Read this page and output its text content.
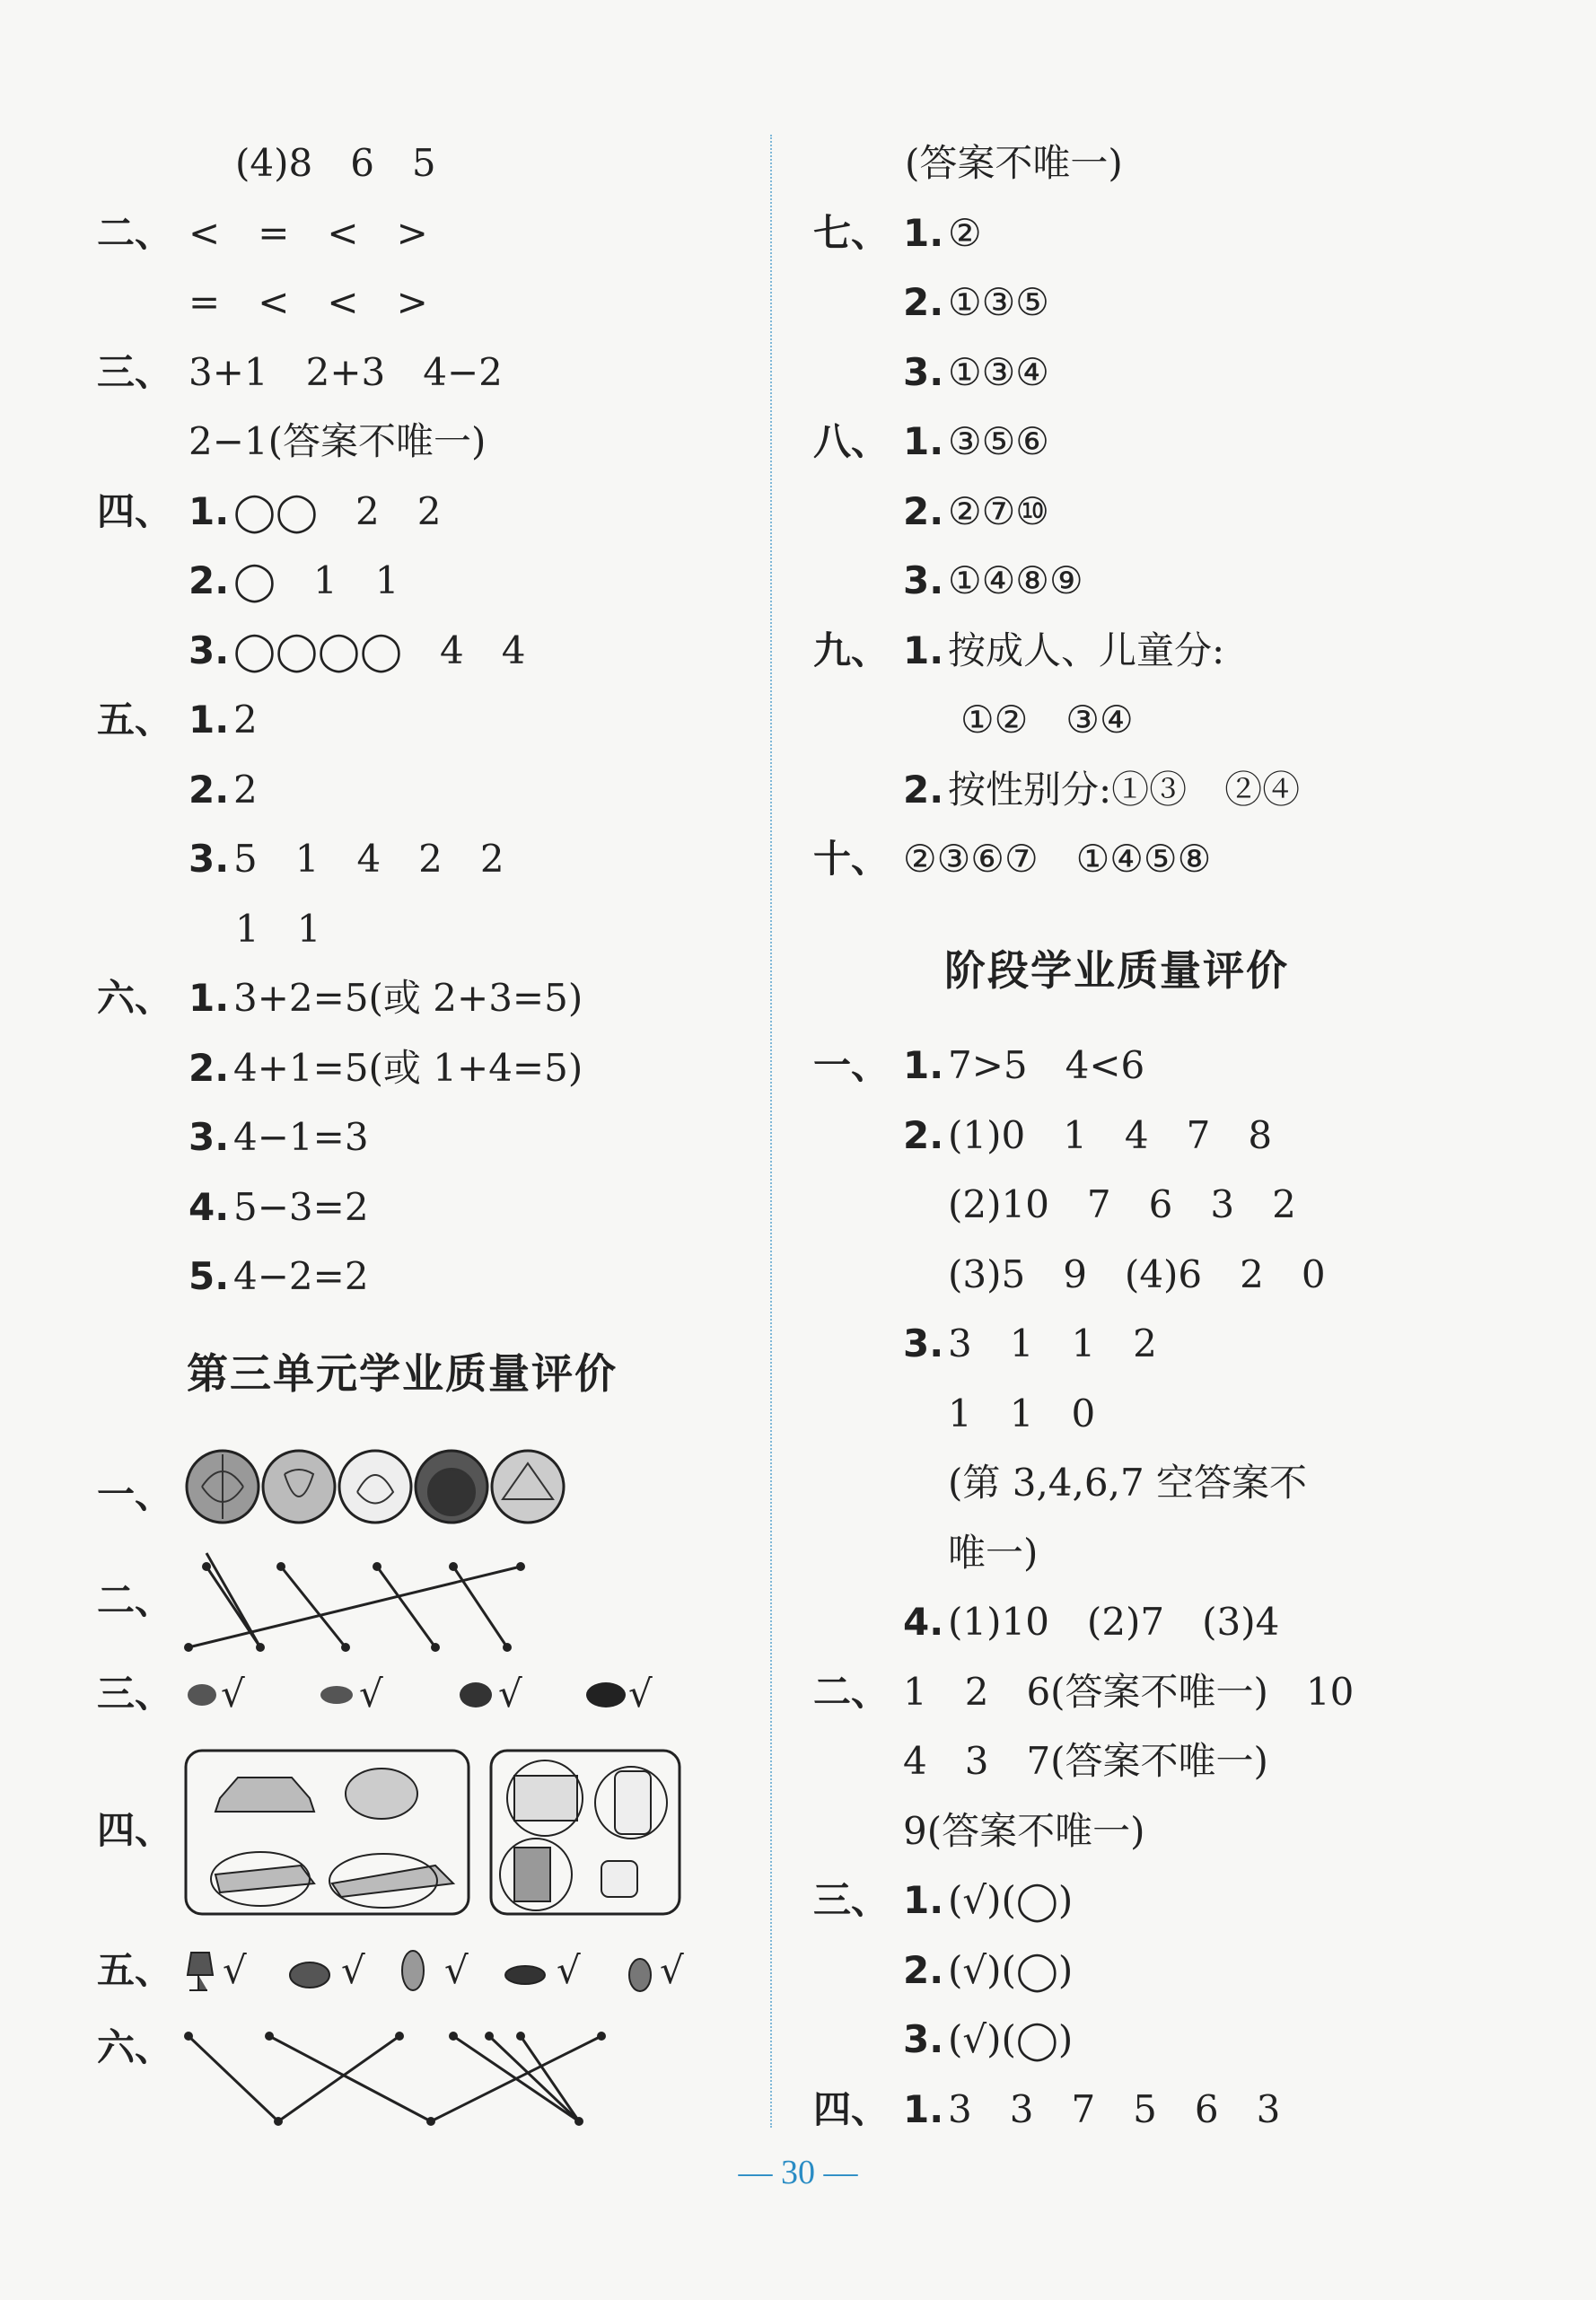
(4)8　6　5
二、 <　=　<　>
=　<　<　>
三、 3+1　2+3　4−2
2−1(答案不唯一)
四、 1. ◯◯　2　2
2. ◯　1　1
3. ◯◯◯◯　4　4
五、 1. 2
2. 2
3. 5　1　4　2　2
1　1
六、 1. 3+2=5(或 2+3=5)
2. 4+1=5(或 1+4=5)
3. 4−1=3
4. 5−3=2
5. 4−2=2
(答案不唯一)
七、 1. ②
2. ①③⑤
3. ①③④
八、 1. ③⑤⑥
2. ②⑦⑩
3. ①④⑧⑨
九、 1. 按成人、儿童分:
①②　③④
2. 按性别分:①③　②④
十、 ②③⑥⑦　①④⑤⑧
一、 1. 7>5　4<6
2. (1)0　1　4　7　8
(2)10　7　6　3　2
(3)5　9　(4)6　2　0
3. 3　1　1　2
1　1　0
(第 3,4,6,7 空答案不
唯一)
4. (1)10　(2)7　(3)4
二、 1　2　6(答案不唯一)　10
4　3　7(答案不唯一)
9(答案不唯一)
三、 1. (√)(◯)
2. (√)(◯)
3. (√)(◯)
四、 1. 3　3　7　5　6　3
第三单元学业质量评价
一、
二、
三、
四、
五、
六、
√	√	√	√
√	√ √ √ √
阶段学业质量评价
— 30 —
